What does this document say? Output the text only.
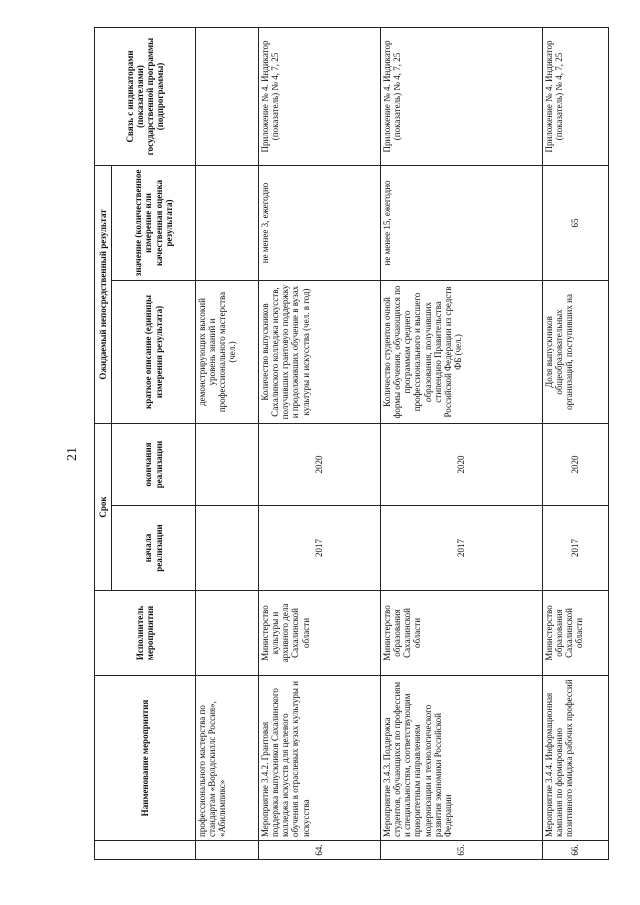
21
	Наименование мероприятия	Исполнитель мероприятия	Срок		Ожидаемый непосредственный результат		Связь с индикаторами (показателями) государственной программы (подпрограммы)
			начала реализации	окончания реализации	краткое описание (единицы измерения результата)	значение (количественное измерение или качественная оценка результата)	
	профессионального мастерства по стандартам «Ворлдскиллс Россия», «Абилимпикс»				демонстрирующих высокий уровень знаний и профессионального мастерства (чел.)		
64.	Мероприятие 3.4.2. Грантовая поддержка выпускников Сахалинского колледжа искусств для целевого обучения в отраслевых вузах культуры и искусства	Министерство культуры и архивного дела Сахалинской области	2017	2020	Количество выпускников Сахалинского колледжа искусств, получивших грантовую поддержку и продолживших обучение в вузах культуры и искусства (чел. в год)	не менее 3, ежегодно	Приложение № 4. Индикатор (показатель) № 4, 7, 25
65.	Мероприятие 3.4.3. Поддержка студентов, обучающихся по профессиям и специальностям, соответствующим приоритетным направлениям модернизации и технологического развития экономики Российской Федерации	Министерство образования Сахалинской области	2017	2020	Количество студентов очной формы обучения, обучающихся по программам среднего профессионального и высшего образования, получивших стипендию Правительства Российской Федерации из средств ФБ (чел.)	не менее 15, ежегодно	Приложение № 4. Индикатор (показатель) № 4, 7, 25
66.	Мероприятие 3.4.4. Информационная кампания по формированию позитивного имиджа рабочих профессий	Министерство образования Сахалинской области	2017	2020	Доля выпускников общеобразовательных организаций, поступивших на	65	Приложение № 4. Индикатор (показатель) № 4, 7, 25
